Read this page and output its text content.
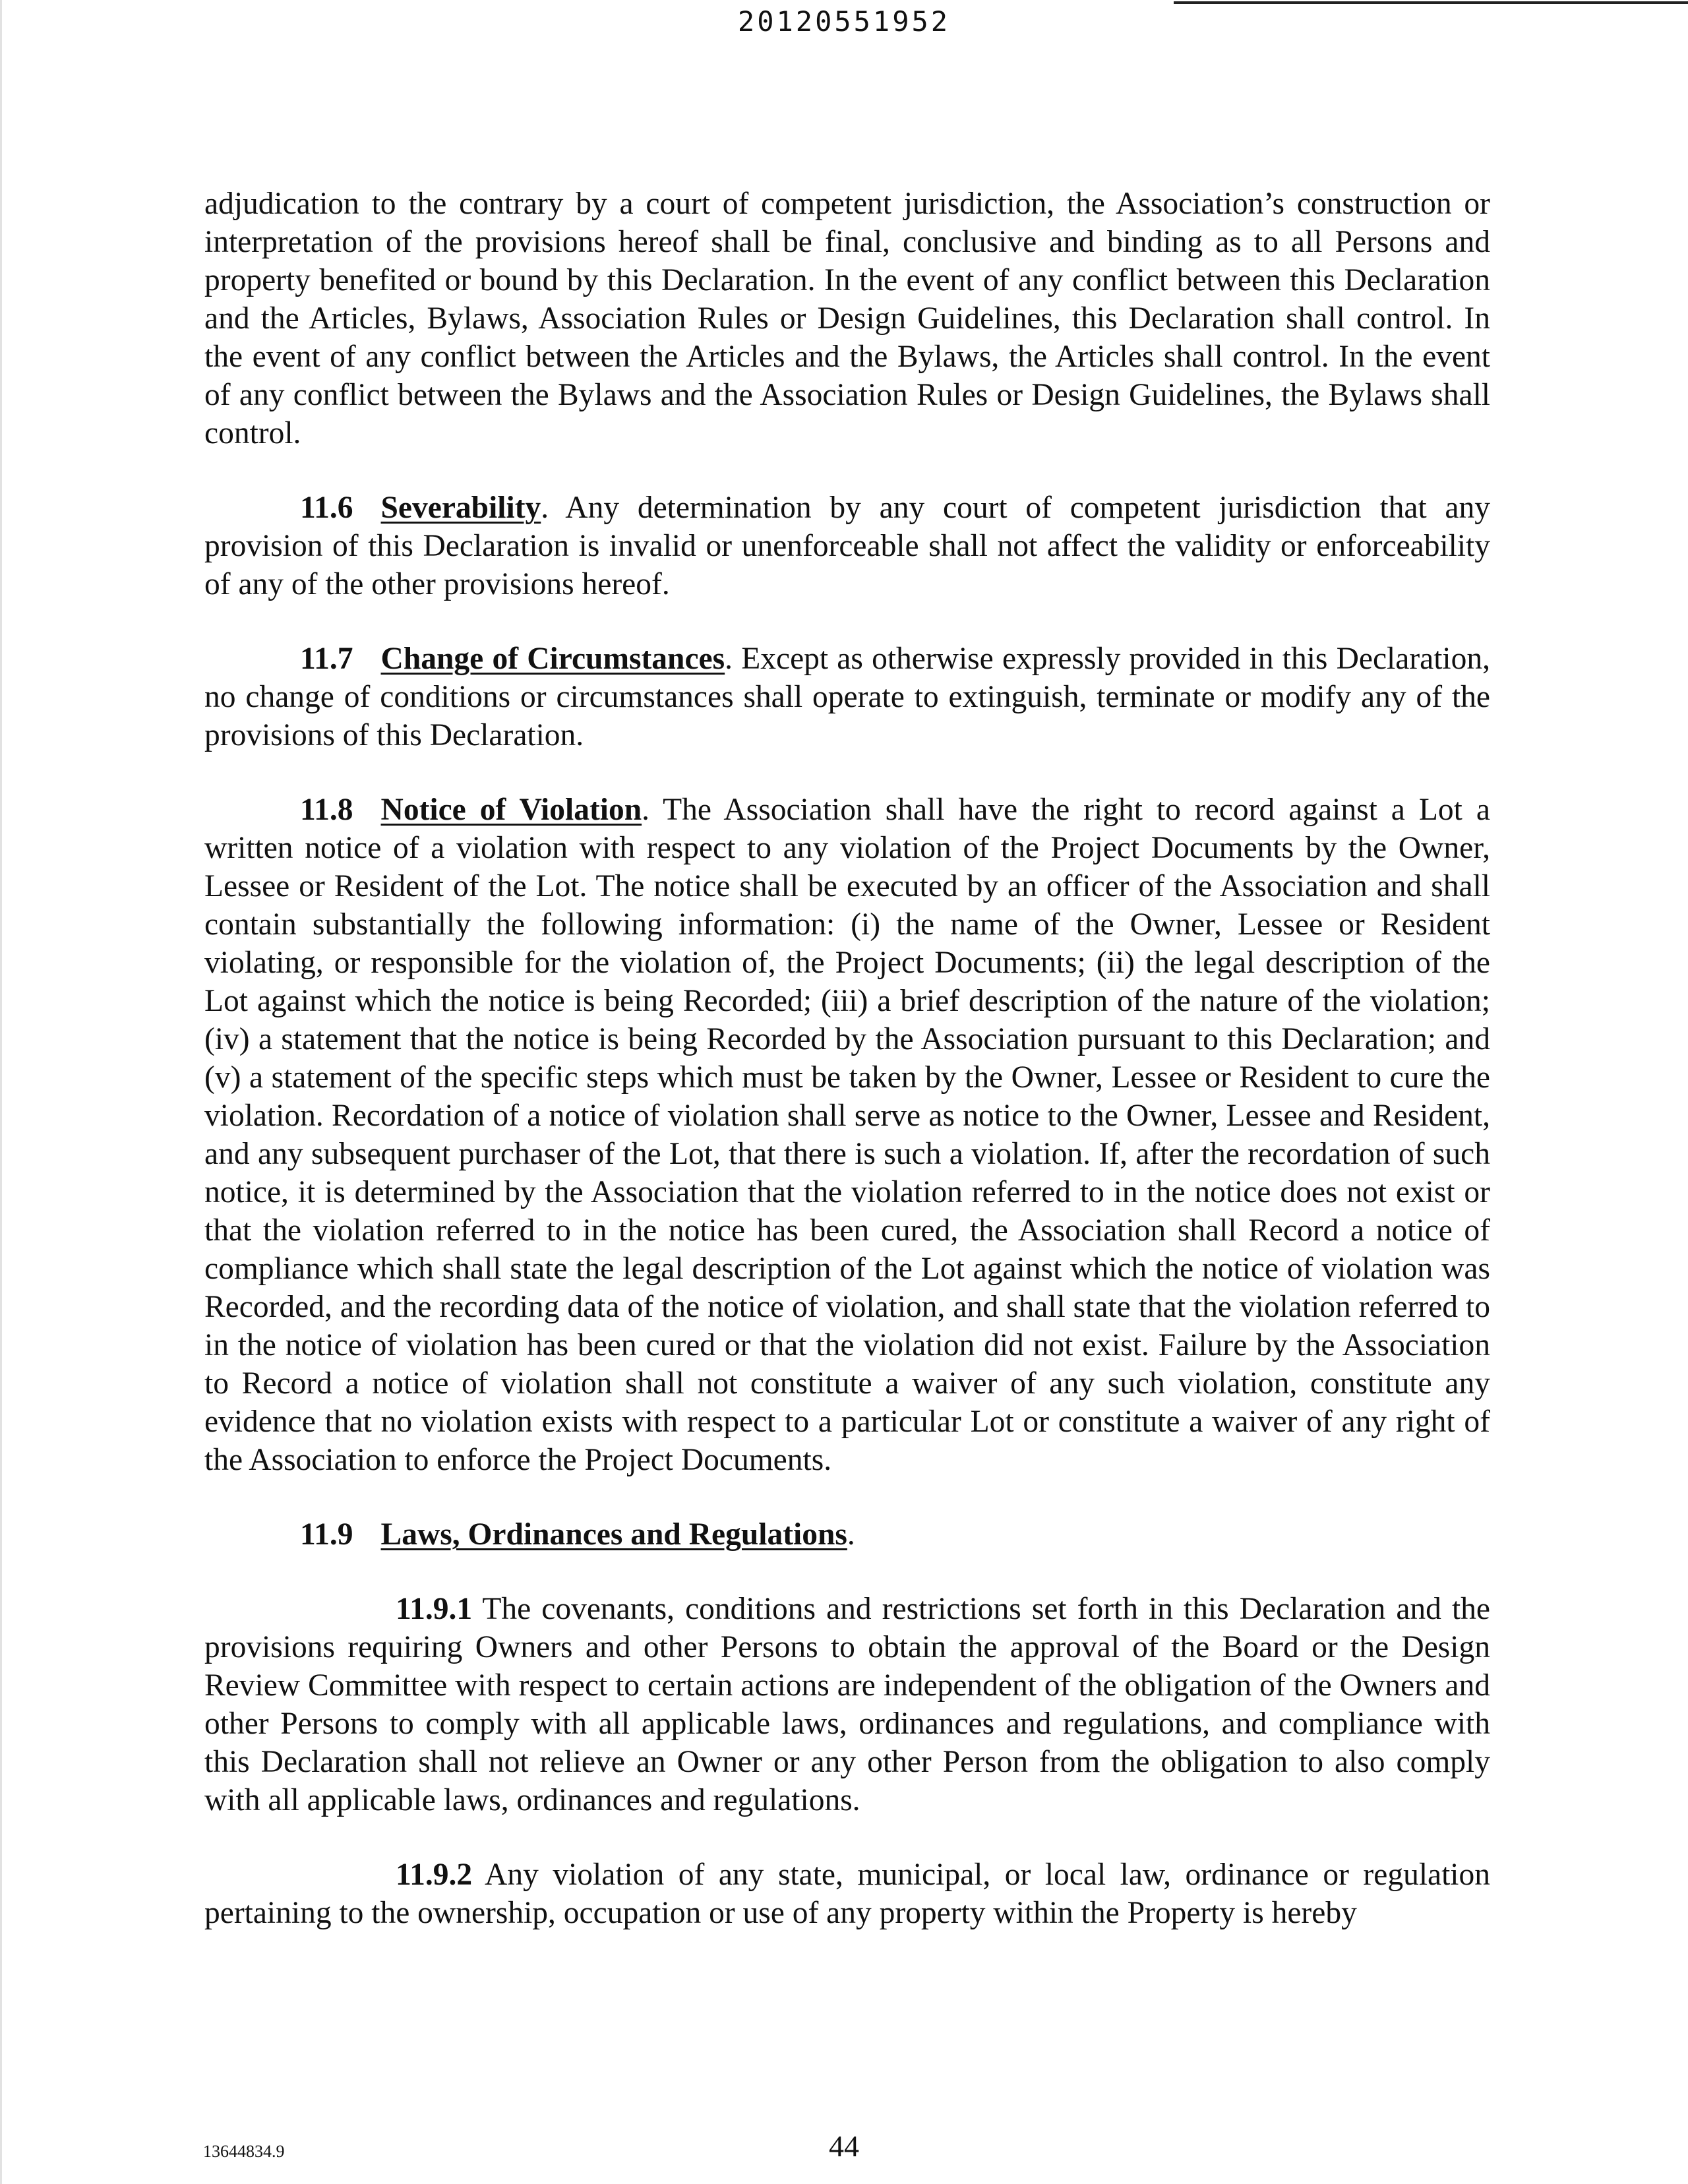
20120551952

adjudication to the contrary by a court of competent jurisdiction, the Association’s construction or interpretation of the provisions hereof shall be final, conclusive and binding as to all Persons and property benefited or bound by this Declaration. In the event of any conflict between this Declaration and the Articles, Bylaws, Association Rules or Design Guidelines, this Declaration shall control. In the event of any conflict between the Articles and the Bylaws, the Articles shall control. In the event of any conflict between the Bylaws and the Association Rules or Design Guidelines, the Bylaws shall control.

11.6 Severability. Any determination by any court of competent jurisdiction that any provision of this Declaration is invalid or unenforceable shall not affect the validity or enforceability of any of the other provisions hereof.

11.7 Change of Circumstances. Except as otherwise expressly provided in this Declaration, no change of conditions or circumstances shall operate to extinguish, terminate or modify any of the provisions of this Declaration.

11.8 Notice of Violation. The Association shall have the right to record against a Lot a written notice of a violation with respect to any violation of the Project Documents by the Owner, Lessee or Resident of the Lot. The notice shall be executed by an officer of the Association and shall contain substantially the following information: (i) the name of the Owner, Lessee or Resident violating, or responsible for the violation of, the Project Documents; (ii) the legal description of the Lot against which the notice is being Recorded; (iii) a brief description of the nature of the violation; (iv) a statement that the notice is being Recorded by the Association pursuant to this Declaration; and (v) a statement of the specific steps which must be taken by the Owner, Lessee or Resident to cure the violation. Recordation of a notice of violation shall serve as notice to the Owner, Lessee and Resident, and any subsequent purchaser of the Lot, that there is such a violation. If, after the recordation of such notice, it is determined by the Association that the violation referred to in the notice does not exist or that the violation referred to in the notice has been cured, the Association shall Record a notice of compliance which shall state the legal description of the Lot against which the notice of violation was Recorded, and the recording data of the notice of violation, and shall state that the violation referred to in the notice of violation has been cured or that the violation did not exist. Failure by the Association to Record a notice of violation shall not constitute a waiver of any such violation, constitute any evidence that no violation exists with respect to a particular Lot or constitute a waiver of any right of the Association to enforce the Project Documents.

11.9 Laws, Ordinances and Regulations.

11.9.1 The covenants, conditions and restrictions set forth in this Declaration and the provisions requiring Owners and other Persons to obtain the approval of the Board or the Design Review Committee with respect to certain actions are independent of the obligation of the Owners and other Persons to comply with all applicable laws, ordinances and regulations, and compliance with this Declaration shall not relieve an Owner or any other Person from the obligation to also comply with all applicable laws, ordinances and regulations.

11.9.2 Any violation of any state, municipal, or local law, ordinance or regulation pertaining to the ownership, occupation or use of any property within the Property is hereby

13644834.9	44
